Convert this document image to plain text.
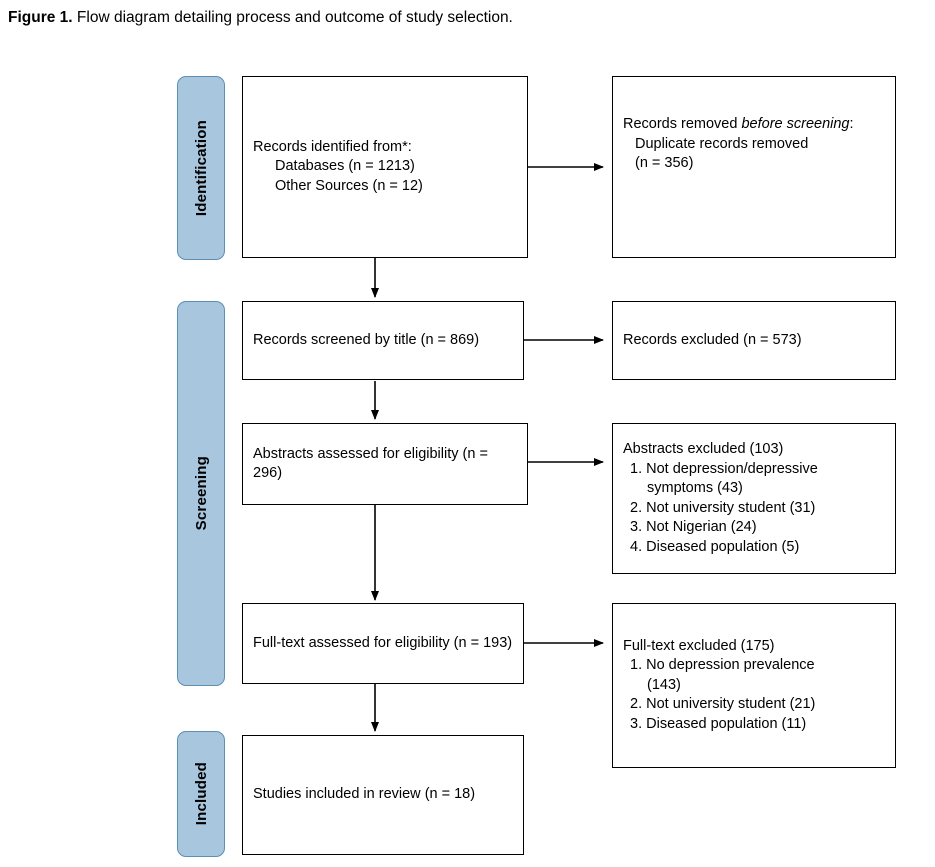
Figure 1. Flow diagram detailing process and outcome of study selection.
Identification
Screening
Included
Records identified from*:
Databases (n = 1213)
Other Sources (n = 12)
Records removed before screening:
Duplicate records removed
(n = 356)
Records screened by title (n = 869)	Records excluded (n = 573)
Abstracts assessed for eligibility (n = 296)
Abstracts excluded (103)
1. Not depression/depressive
symptoms (43)
2. Not university student (31)
3. Not Nigerian (24)
4. Diseased population (5)
Full-text assessed for eligibility (n = 193)	Full-text excluded (175)
1. No depression prevalence
(143)
2. Not university student (21)
3. Diseased population (11)
Studies included in review (n = 18)
